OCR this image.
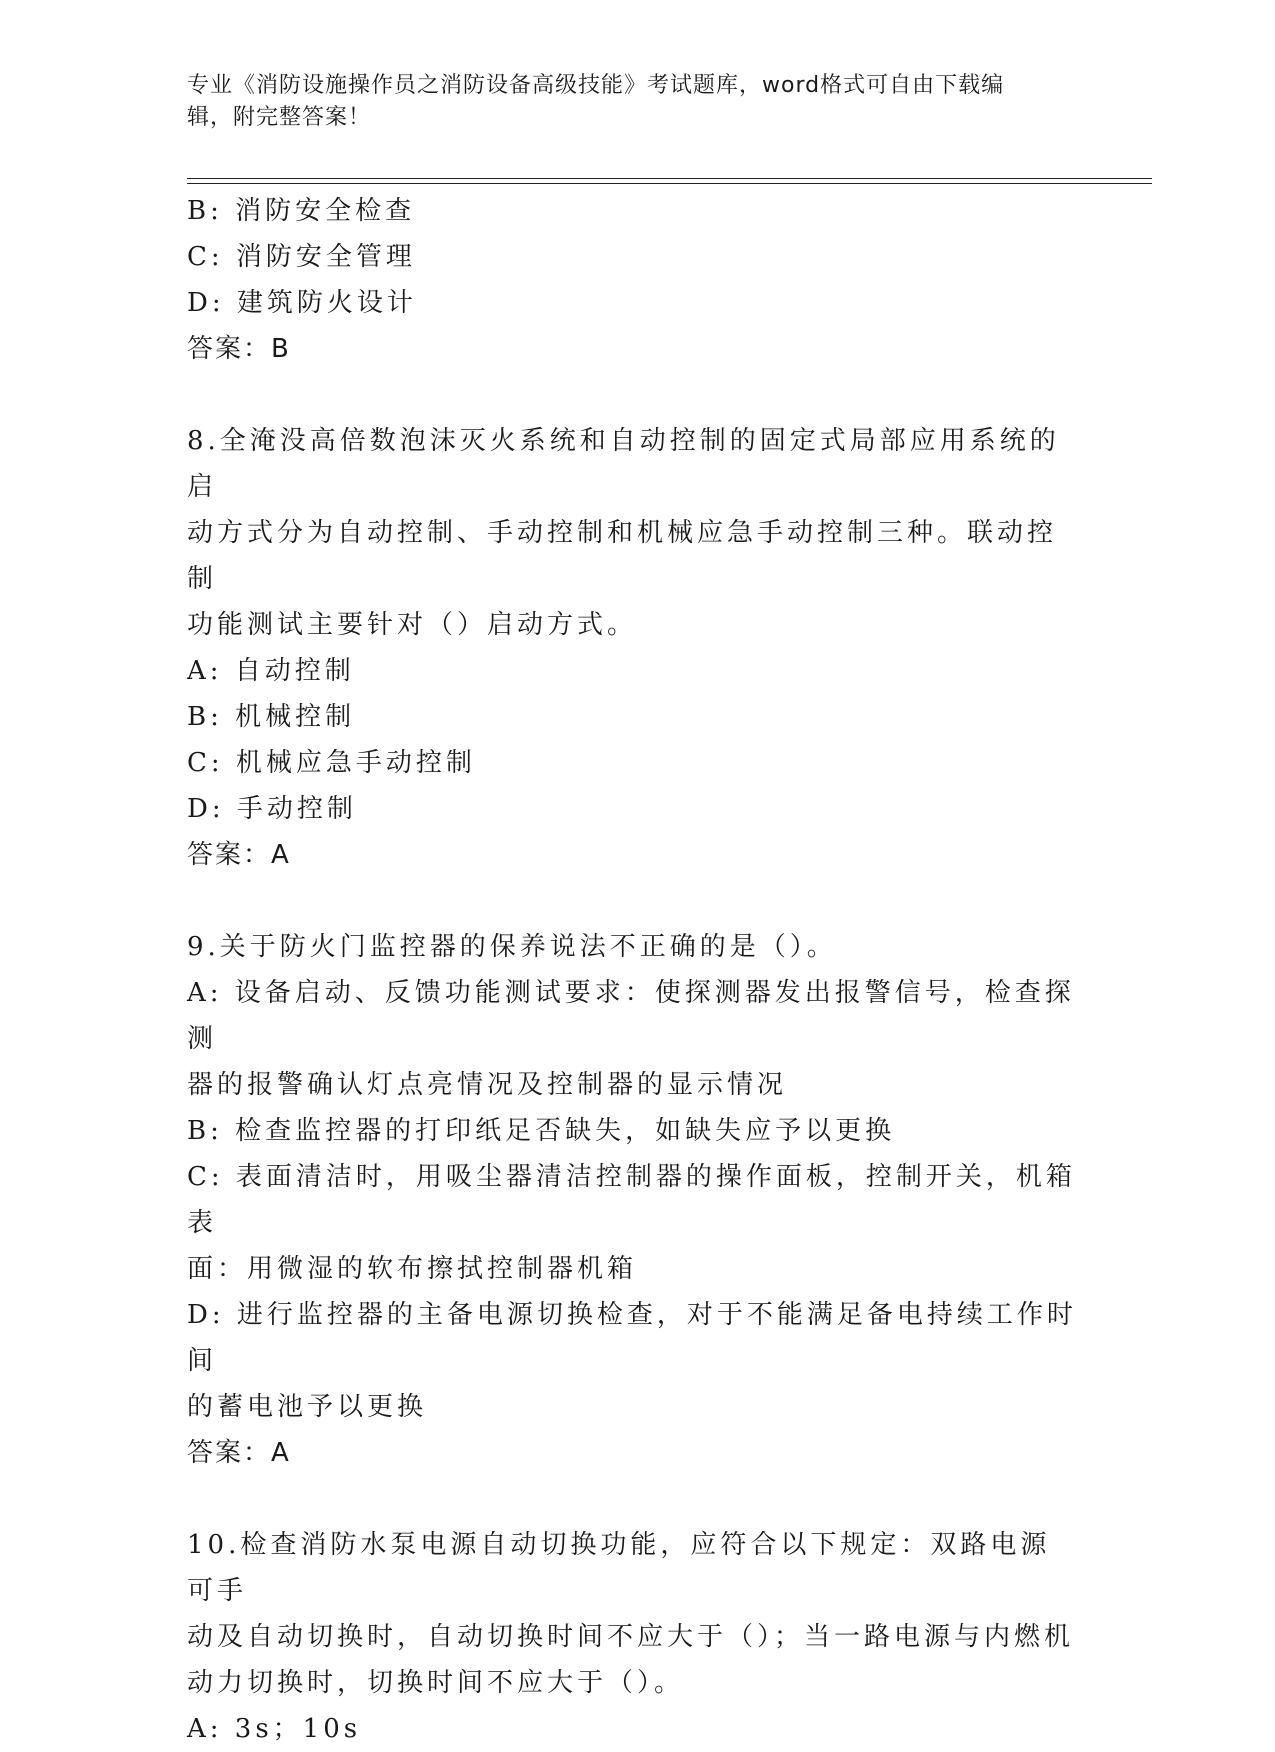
专业《消防设施操作员之消防设备高级技能》考试题库，word格式可自由下载编
辑，附完整答案！

B: 消防安全检查

C: 消防安全管理

D: 建筑防火设计

答案：B

8.全淹没高倍数泡沫灭火系统和自动控制的固定式局部应用系统的启

动方式分为自动控制、手动控制和机械应急手动控制三种。联动控制

功能测试主要针对（）启动方式。

A: 自动控制

B: 机械控制

C: 机械应急手动控制

D: 手动控制

答案：A

9.关于防火门监控器的保养说法不正确的是（）。

A: 设备启动、反馈功能测试要求：使探测器发出报警信号，检查探测

器的报警确认灯点亮情况及控制器的显示情况

B: 检查监控器的打印纸足否缺失，如缺失应予以更换

C: 表面清洁时，用吸尘器清洁控制器的操作面板，控制开关，机箱表

面：用微湿的软布擦拭控制器机箱

D: 进行监控器的主备电源切换检查，对于不能满足备电持续工作时间

的蓄电池予以更换

答案：A

10.检查消防水泵电源自动切换功能，应符合以下规定：双路电源可手

动及自动切换时，自动切换时间不应大于（）；当一路电源与内燃机

动力切换时，切换时间不应大于（）。

A: 3s；10s
